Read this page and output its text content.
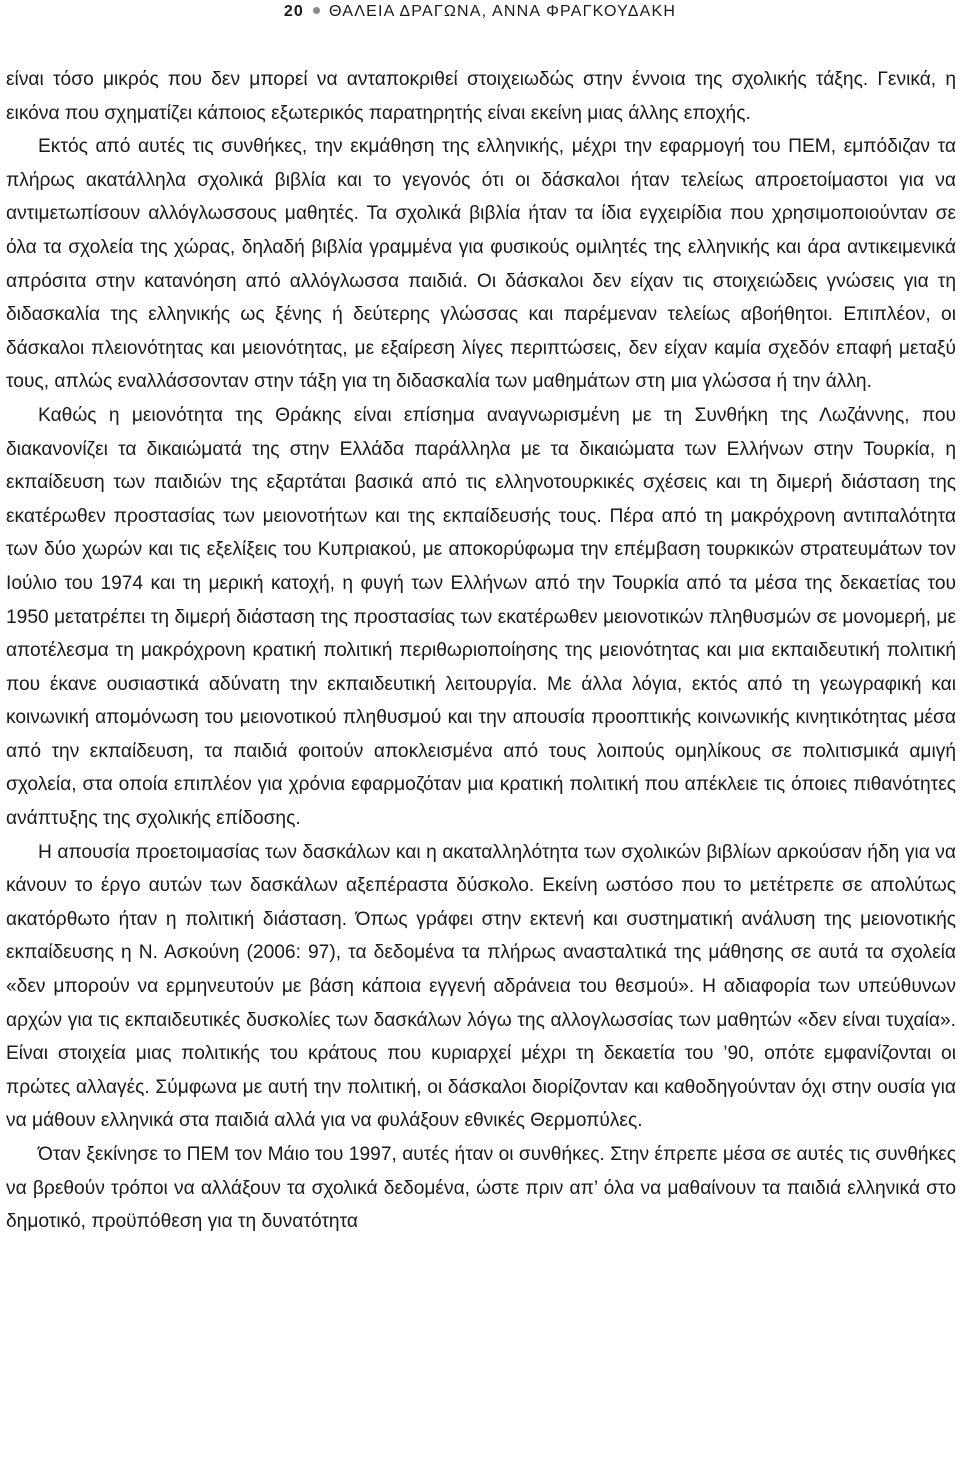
20 ΘΑΛΕΙΑ ΔΡΑΓΩΝΑ, ΑΝΝΑ ΦΡΑΓΚΟΥΔΑΚΗ

είναι τόσο μικρός που δεν μπορεί να ανταποκριθεί στοιχειωδώς στην έννοια της σχολικής τάξης. Γενικά, η εικόνα που σχηματίζει κάποιος εξωτερικός παρατηρητής είναι εκείνη μιας άλλης εποχής.

Εκτός από αυτές τις συνθήκες, την εκμάθηση της ελληνικής, μέχρι την εφαρμογή του ΠΕΜ, εμπόδιζαν τα πλήρως ακατάλληλα σχολικά βιβλία και το γεγονός ότι οι δάσκαλοι ήταν τελείως απροετοίμαστοι για να αντιμετωπίσουν αλλόγλωσσους μαθητές. Τα σχολικά βιβλία ήταν τα ίδια εγχειρίδια που χρησιμοποιούνταν σε όλα τα σχολεία της χώρας, δηλαδή βιβλία γραμμένα για φυσικούς ομιλητές της ελληνικής και άρα αντικειμενικά απρόσιτα στην κατανόηση από αλλόγλωσσα παιδιά. Οι δάσκαλοι δεν είχαν τις στοιχειώδεις γνώσεις για τη διδασκαλία της ελληνικής ως ξένης ή δεύτερης γλώσσας και παρέμεναν τελείως αβοήθητοι. Επιπλέον, οι δάσκαλοι πλειονότητας και μειονότητας, με εξαίρεση λίγες περιπτώσεις, δεν είχαν καμία σχεδόν επαφή μεταξύ τους, απλώς εναλλάσσονταν στην τάξη για τη διδασκαλία των μαθημάτων στη μια γλώσσα ή την άλλη.

Καθώς η μειονότητα της Θράκης είναι επίσημα αναγνωρισμένη με τη Συνθήκη της Λωζάννης, που διακανονίζει τα δικαιώματά της στην Ελλάδα παράλληλα με τα δικαιώματα των Ελλήνων στην Τουρκία, η εκπαίδευση των παιδιών της εξαρτάται βασικά από τις ελληνοτουρκικές σχέσεις και τη διμερή διάσταση της εκατέρωθεν προστασίας των μειονοτήτων και της εκπαίδευσής τους. Πέρα από τη μακρόχρονη αντιπαλότητα των δύο χωρών και τις εξελίξεις του Κυπριακού, με αποκορύφωμα την επέμβαση τουρκικών στρατευμάτων τον Ιούλιο του 1974 και τη μερική κατοχή, η φυγή των Ελλήνων από την Τουρκία από τα μέσα της δεκαετίας του 1950 μετατρέπει τη διμερή διάσταση της προστασίας των εκατέρωθεν μειονοτικών πληθυσμών σε μονομερή, με αποτέλεσμα τη μακρόχρονη κρατική πολιτική περιθωριοποίησης της μειονότητας και μια εκπαιδευτική πολιτική που έκανε ουσιαστικά αδύνατη την εκπαιδευτική λειτουργία. Με άλλα λόγια, εκτός από τη γεωγραφική και κοινωνική απομόνωση του μειονοτικού πληθυσμού και την απουσία προοπτικής κοινωνικής κινητικότητας μέσα από την εκπαίδευση, τα παιδιά φοιτούν αποκλεισμένα από τους λοιπούς ομηλίκους σε πολιτισμικά αμιγή σχολεία, στα οποία επιπλέον για χρόνια εφαρμοζόταν μια κρατική πολιτική που απέκλειε τις όποιες πιθανότητες ανάπτυξης της σχολικής επίδοσης.

Η απουσία προετοιμασίας των δασκάλων και η ακαταλληλότητα των σχολικών βιβλίων αρκούσαν ήδη για να κάνουν το έργο αυτών των δασκάλων αξεπέραστα δύσκολο. Εκείνη ωστόσο που το μετέτρεπε σε απολύτως ακατόρθωτο ήταν η πολιτική διάσταση. Όπως γράφει στην εκτενή και συστηματική ανάλυση της μειονοτικής εκπαίδευσης η Ν. Ασκούνη (2006: 97), τα δεδομένα τα πλήρως ανασταλτικά της μάθησης σε αυτά τα σχολεία «δεν μπορούν να ερμηνευτούν με βάση κάποια εγγενή αδράνεια του θεσμού». Η αδιαφορία των υπεύθυνων αρχών για τις εκπαιδευτικές δυσκολίες των δασκάλων λόγω της αλλογλωσσίας των μαθητών «δεν είναι τυχαία». Είναι στοιχεία μιας πολιτικής του κράτους που κυριαρχεί μέχρι τη δεκαετία του ’90, οπότε εμφανίζονται οι πρώτες αλλαγές. Σύμφωνα με αυτή την πολιτική, οι δάσκαλοι διορίζονταν και καθοδηγούνταν όχι στην ουσία για να μάθουν ελληνικά στα παιδιά αλλά για να φυλάξουν εθνικές Θερμοπύλες.

Όταν ξεκίνησε το ΠΕΜ τον Μάιο του 1997, αυτές ήταν οι συνθήκες. Στην έπρεπε μέσα σε αυτές τις συνθήκες να βρεθούν τρόποι να αλλάξουν τα σχολικά δεδομένα, ώστε πριν απ’ όλα να μαθαίνουν τα παιδιά ελληνικά στο δημοτικό, προϋπόθεση για τη δυνατότητα
